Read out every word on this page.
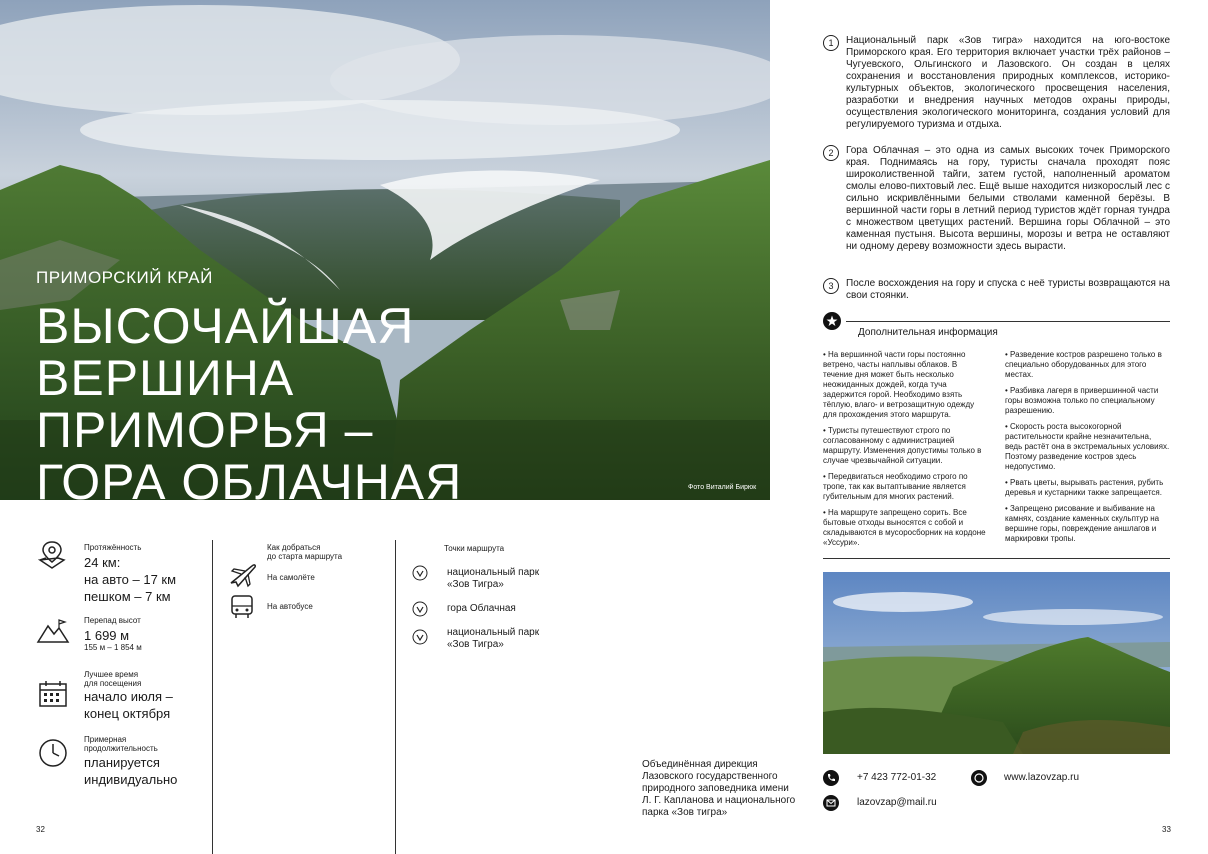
ПРИМОРСКИЙ КРАЙ
ВЫСОЧАЙШАЯ
ВЕРШИНА
ПРИМОРЬЯ –
ГОРА ОБЛАЧНАЯ	Фото Виталий Бирюк
Протяжённость
24 км:
на авто – 17 км
пешком – 7 км
Перепад высот
1 699 м
155 м – 1 854 м
Лучшее время
для посещения
начало июля –
конец октября
Примерная
продолжительность
планируется
индивидуально
32
Как добраться
до старта маршрута
На самолёте
На автобусе
Точки маршрута
национальный парк
«Зов Тигра»
гора Облачная
национальный парк
«Зов Тигра»
1	Национальный парк «Зов тигра» находится на юго-востоке Приморского края. Его территория включает участки трёх районов – Чугуевского, Ольгинского и Лазовского. Он создан в целях сохранения и восстановления природных комплексов, историко-культурных объектов, экологического просвещения населения, разработки и внедрения научных методов охраны природы, осуществления экологического мониторинга, создания условий для регулируемого туризма и отдыха.
2	Гора Облачная – это одна из самых высоких точек Приморского края. Поднимаясь на гору, туристы сначала проходят пояс широколиственной тайги, затем густой, наполненный ароматом смолы елово-пихтовый лес. Ещё выше находится низкорослый лес с сильно искривлёнными белыми стволами каменной берёзы. В вершинной части горы в летний период туристов ждёт горная тундра с множеством цветущих растений. Вершина горы Облачной – это каменная пустыня. Высота вершины, морозы и ветра не оставляют ни одному дереву возможности здесь вырасти.
3	После восхождения на гору и спуска с неё туристы возвращаются на свои стоянки.
Дополнительная информация
• На вершинной части горы постоянно ветрено, часты наплывы облаков. В течение дня может быть несколько неожиданных дождей, когда туча задержится горой. Необходимо взять тёплую, влаго- и ветрозащитную одежду для прохождения этого маршрута.
• Туристы путешествуют строго по согласованному с администрацией маршруту. Изменения допустимы только в случае чрезвычайной ситуации.
• Передвигаться необходимо строго по тропе, так как вытаптывание является губительным для многих растений.
• На маршруте запрещено сорить. Все бытовые отходы выносятся с собой и складываются в мусоросборник на кордоне «Уссури».
• Разведение костров разрешено только в специально оборудованных для этого местах.
• Разбивка лагеря в привершинной части горы возможна только по специальному разрешению.
• Скорость роста высокогорной растительности крайне незначительна, ведь растёт она в экстремальных условиях. Поэтому разведение костров здесь недопустимо.
• Рвать цветы, вырывать растения, рубить деревья и кустарники также запрещается.
• Запрещено рисование и выбивание на камнях, создание каменных скульптур на вершине горы, повреждение аншлагов и маркировки тропы.
Объединённая дирекция
Лазовского государственного
природного заповедника имени
Л. Г. Капланова и национального
парка «Зов тигра»
+7 423 772-01-32
lazovzap@mail.ru
www.lazovzap.ru
33
